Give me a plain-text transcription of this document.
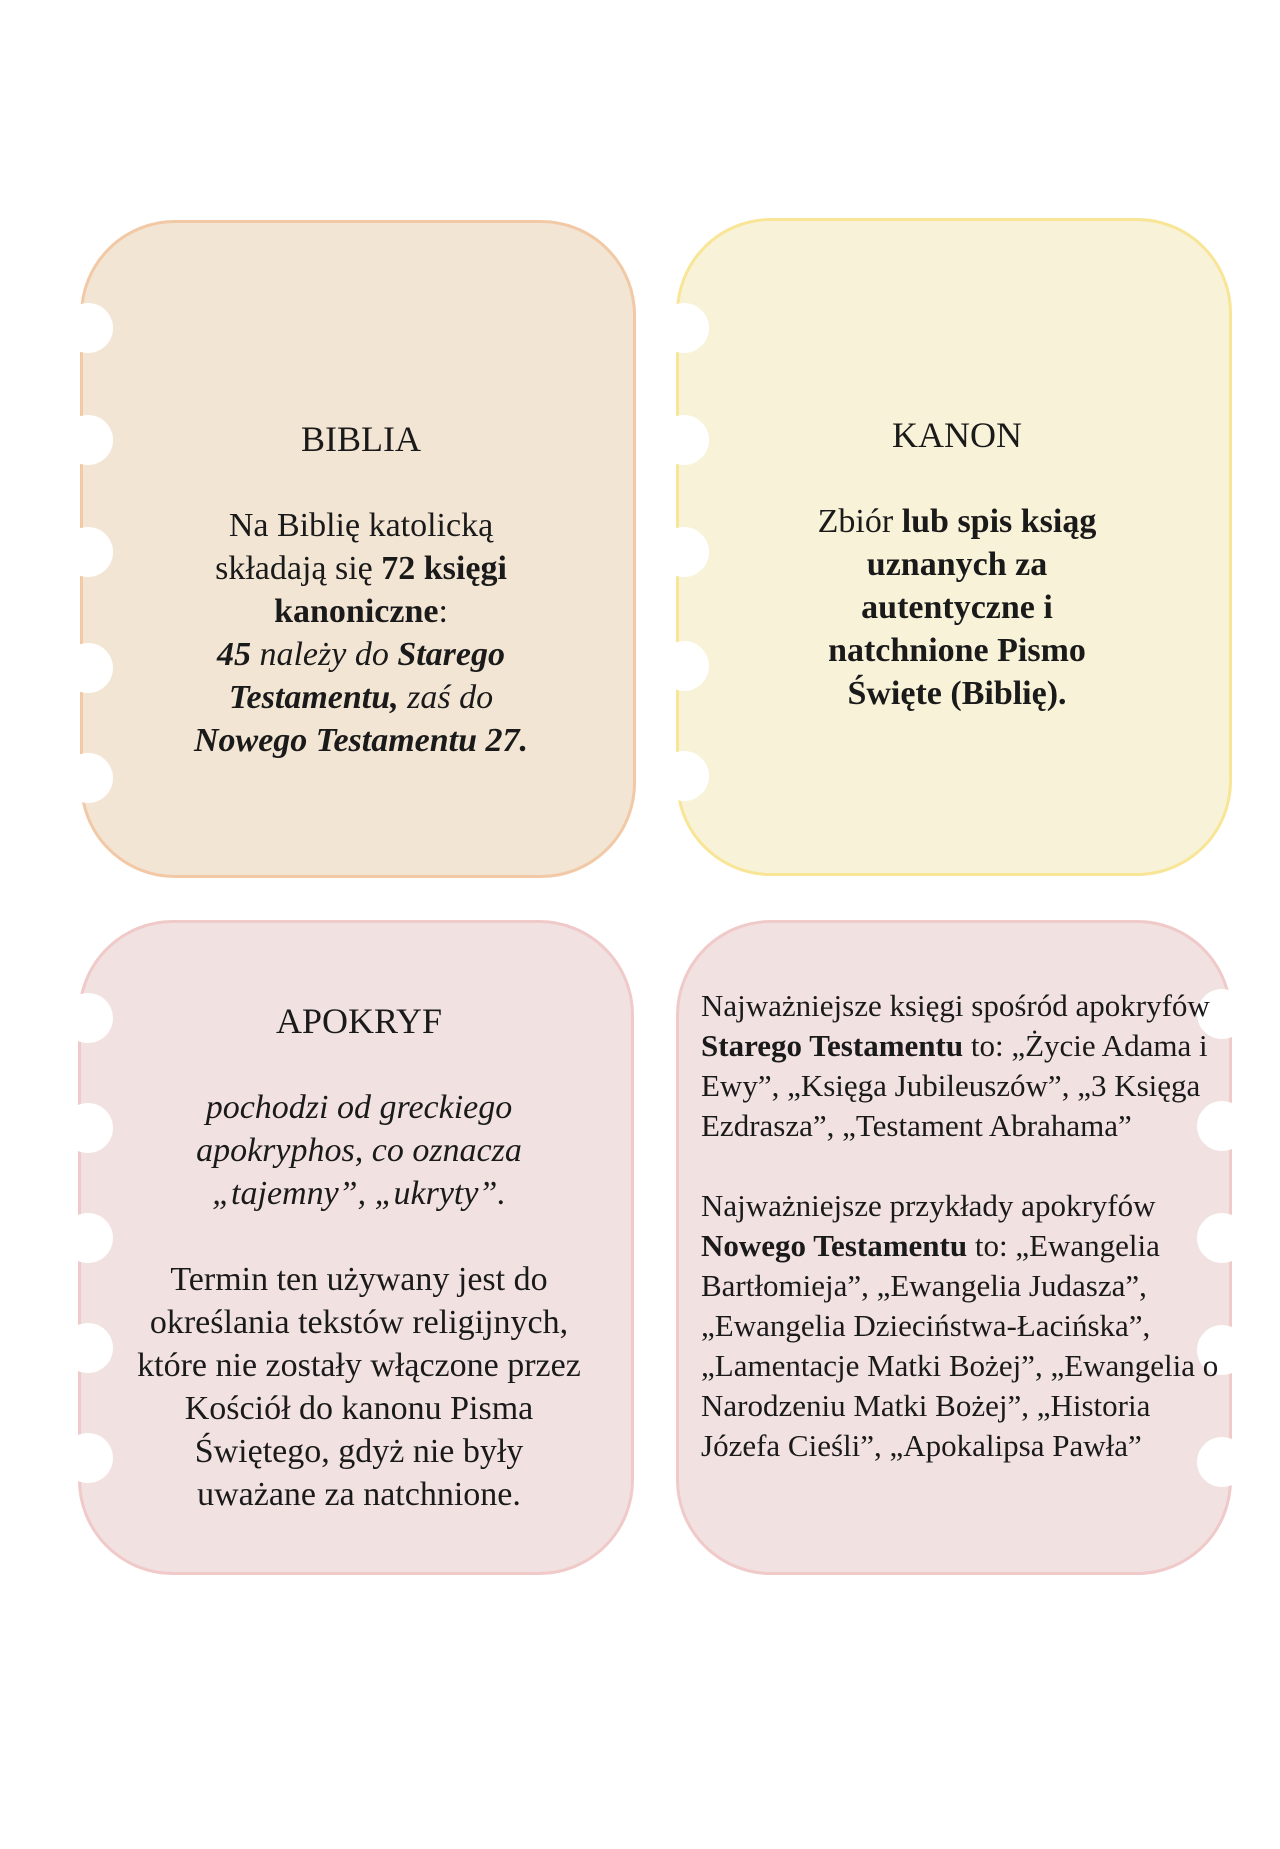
BIBLIA

Na Biblię katolicką składają się 72 księgi kanoniczne:

45 należy do Starego Testamentu, zaś do Nowego Testamentu 27.

KANON

Zbiór lub spis ksiąg uznanych za autentyczne i natchnione Pismo Święte (Biblię).

APOKRYF

pochodzi od greckiego apokryphos, co oznacza „tajemny”, „ukryty”.

Termin ten używany jest do określania tekstów religijnych, które nie zostały włączone przez Kościół do kanonu Pisma Świętego, gdyż nie były uważane za natchnione.

Najważniejsze księgi spośród apokryfów Starego Testamentu to: „Życie Adama i Ewy”, „Księga Jubileuszów”, „3 Księga Ezdrasza”, „Testament Abrahama”

Najważniejsze przykłady apokryfów Nowego Testamentu to: „Ewangelia Bartłomieja”, „Ewangelia Judasza”, „Ewangelia Dzieciństwa-Łacińska”, „Lamentacje Matki Bożej”, „Ewangelia o Narodzeniu Matki Bożej”, „Historia Józefa Cieśli”, „Apokalipsa Pawła”
